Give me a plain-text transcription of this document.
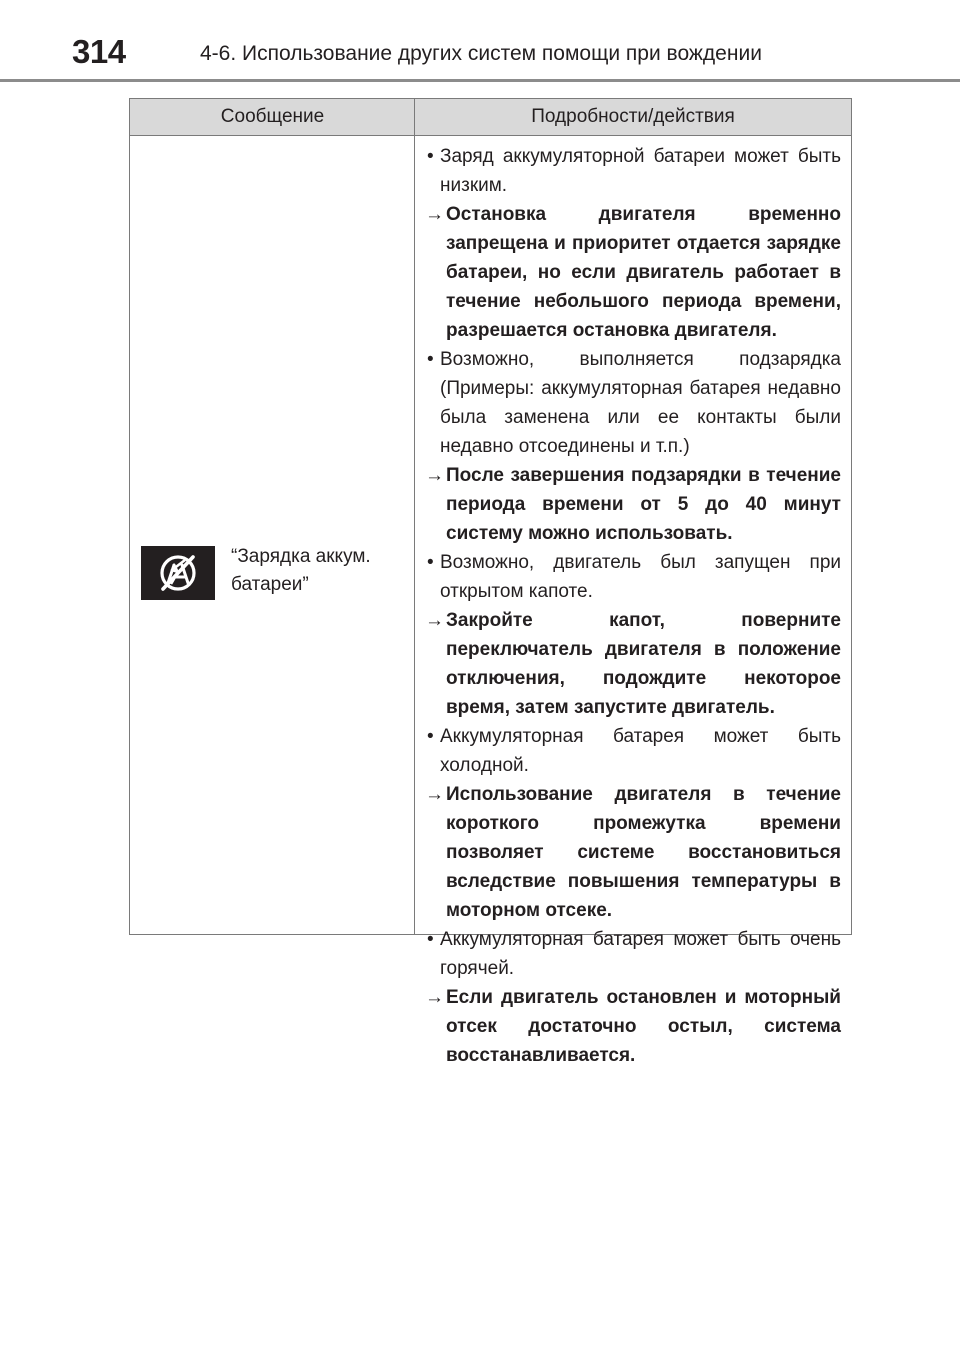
314	4-6. Использование других систем помощи при вождении
Сообщение	Подробности/действия
“Зарядка аккум.
батареи”
• Заряд аккумуляторной батареи может быть
низким.
→ Остановка двигателя временно
запрещена и приоритет отдается зарядке
батареи, но если двигатель работает в
течение небольшого периода времени,
разрешается остановка двигателя.
• Возможно, выполняется подзарядка
(Примеры: аккумуляторная батарея недавно
была заменена или ее контакты были
недавно отсоединены и т.п.)
→ После завершения подзарядки в течение
периода времени от 5 до 40 минут
систему можно использовать.
• Возможно, двигатель был запущен при
открытом капоте.
→ Закройте капот, поверните
переключатель двигателя в положение
отключения, подождите некоторое
время, затем запустите двигатель.
• Аккумуляторная батарея может быть
холодной.
→ Использование двигателя в течение
короткого промежутка времени
позволяет системе восстановиться
вследствие повышения температуры в
моторном отсеке.
• Аккумуляторная батарея может быть очень
горячей.
→ Если двигатель остановлен и моторный
отсек достаточно остыл, система
восстанавливается.
